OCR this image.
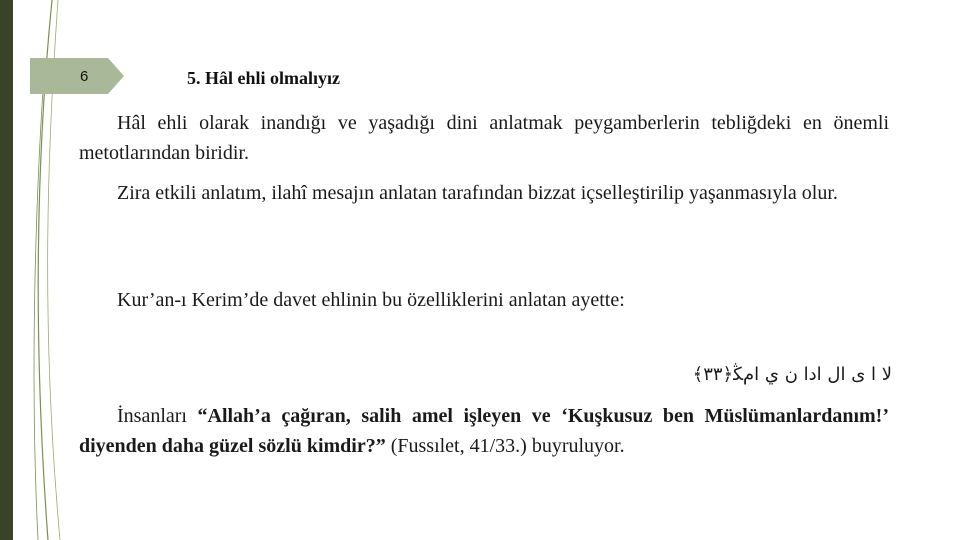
6	5. Hâl ehli olmalıyız

Hâl ehli olarak inandığı ve yaşadığı dini anlatmak peygamberlerin tebliğdeki en önemli metotlarından biridir.

Zira etkili anlatım, ilahî mesajın anlatan tarafından bizzat içselleştirilip yaşanmasıyla olur.

Kur’an-ı Kerim’de davet ehlinin bu özelliklerini anlatan ayette:

لا ا ى ال ادا ن ي امﯖ﴿٣٣﴾

İnsanları “Allah’a çağıran, salih amel işleyen ve ‘Kuşkusuz ben Müslümanlardanım!’ diyenden daha güzel sözlü kimdir?” (Fussılet, 41/33.) buyruluyor.
